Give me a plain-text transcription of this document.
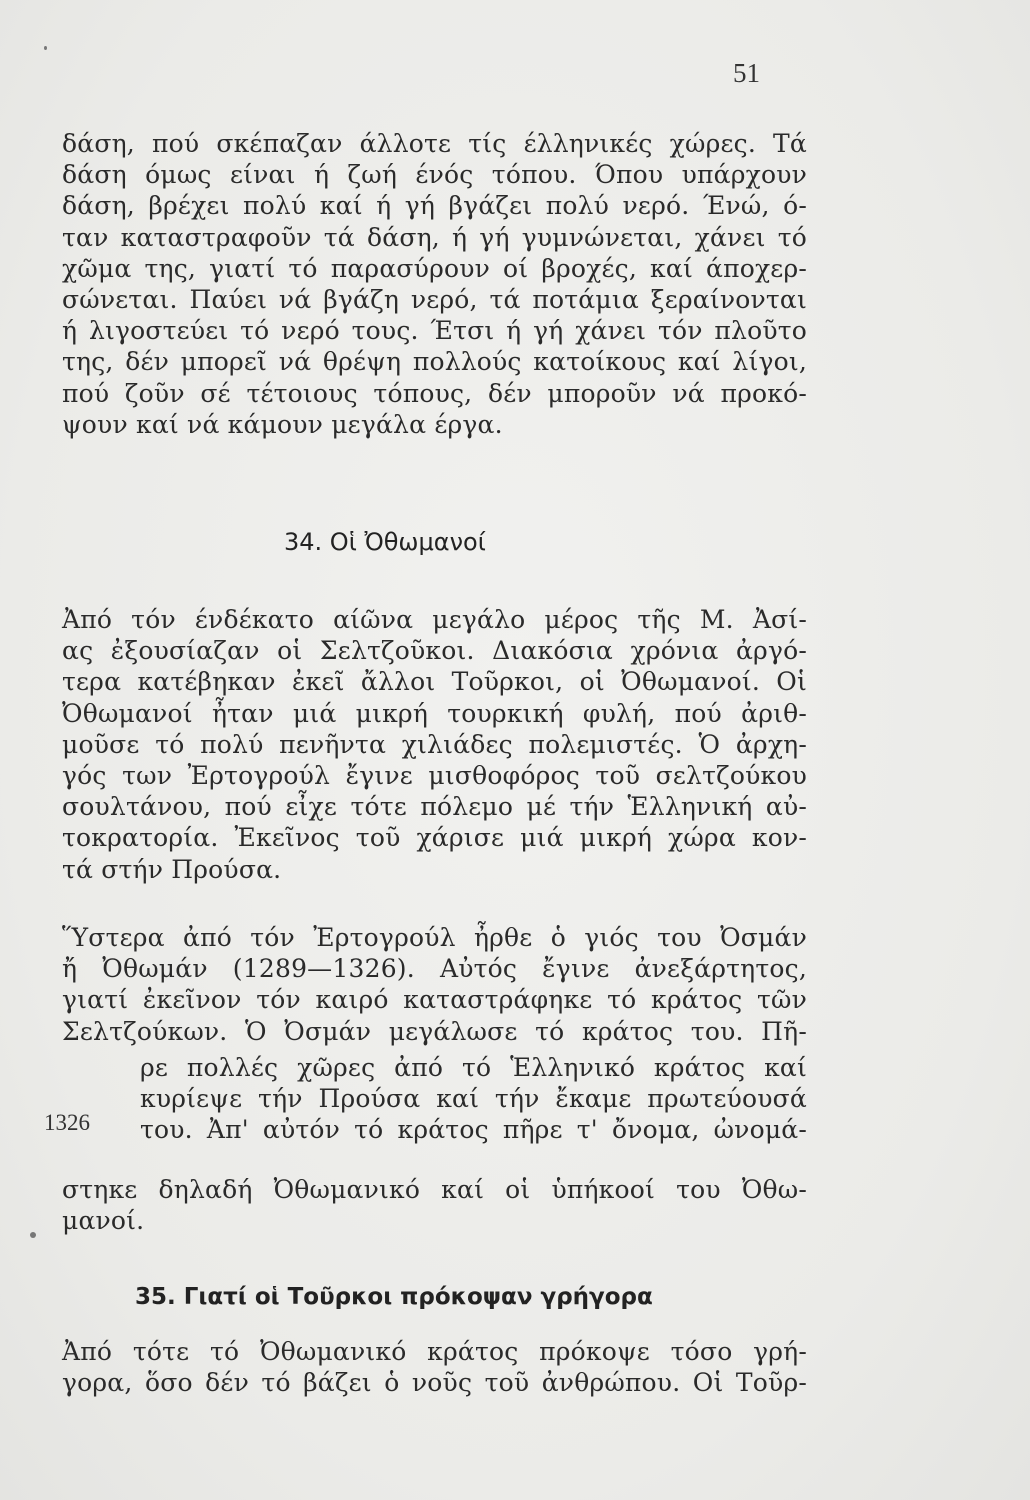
51
δάση, πού σκέπαζαν άλλοτε τίς έλληνικές χώρες. Τά
δάση όμως είναι ή ζωή ένός τόπου. Όπου υπάρχουν
δάση, βρέχει πολύ καί ή γή βγάζει πολύ νερό. Ένώ, ό-
ταν καταστραφοῦν τά δάση, ή γή γυμνώνεται, χάνει τό
χῶμα της, γιατί τό παρασύρουν οί βροχές, καί άποχερ-
σώνεται. Παύει νά βγάζη νερό, τά ποτάμια ξεραίνονται
ή λιγοστεύει τό νερό τους. Έτσι ή γή χάνει τόν πλοῦτο
της, δέν μπορεῖ νά θρέψη πολλούς κατοίκους καί λίγοι,
πού ζοῦν σέ τέτοιους τόπους, δέν μποροῦν νά προκό-
ψουν καί νά κάμουν μεγάλα έργα.
34. Οἱ Ὀθωμανοί
Ἀπό τόν ένδέκατο αίῶνα μεγάλο μέρος τῆς Μ. Ἀσί-
ας ἐξουσίαζαν οἱ Σελτζοῦκοι. Διακόσια χρόνια ἀργό-
τερα κατέβηκαν ἐκεῖ ἄλλοι Τοῦρκοι, οἱ Ὀθωμανοί. Οἱ
Ὀθωμανοί ἦταν μιά μικρή τουρκική φυλή, πού ἀριθ-
μοῦσε τό πολύ πενῆντα χιλιάδες πολεμιστές. Ὁ ἀρχη-
γός των Ἐρτογρούλ ἔγινε μισθοφόρος τοῦ σελτζούκου
σουλτάνου, πού εἶχε τότε πόλεμο μέ τήν Ἑλληνική αὐ-
τοκρατορία. Ἐκεῖνος τοῦ χάρισε μιά μικρή χώρα κον-
τά στήν Προύσα.
Ὕστερα ἀπό τόν Ἐρτογρούλ ἦρθε ὁ γιός του Ὀσμάν
ἤ Ὀθωμάν (1289—1326). Αὐτός ἔγινε ἀνεξάρτητος,
γιατί ἐκεῖνον τόν καιρό καταστράφηκε τό κράτος τῶν
Σελτζούκων. Ὁ Ὀσμάν μεγάλωσε τό κράτος του. Πῆ-
1326
ρε πολλές χῶρες ἀπό τό Ἑλληνικό κράτος καί
κυρίεψε τήν Προύσα καί τήν ἔκαμε πρωτεύουσά
του. Ἀπ' αὐτόν τό κράτος πῆρε τ' ὄνομα, ὠνομά-
στηκε δηλαδή Ὀθωμανικό καί οἱ ὑπήκοοί του Ὀθω-
μανοί.
35. Γιατί οἱ Τοῦρκοι πρόκοψαν γρήγορα
Ἀπό τότε τό Ὀθωμανικό κράτος πρόκοψε τόσο γρή-
γορα, ὅσο δέν τό βάζει ὁ νοῦς τοῦ ἀνθρώπου. Οἱ Τοῦρ-
